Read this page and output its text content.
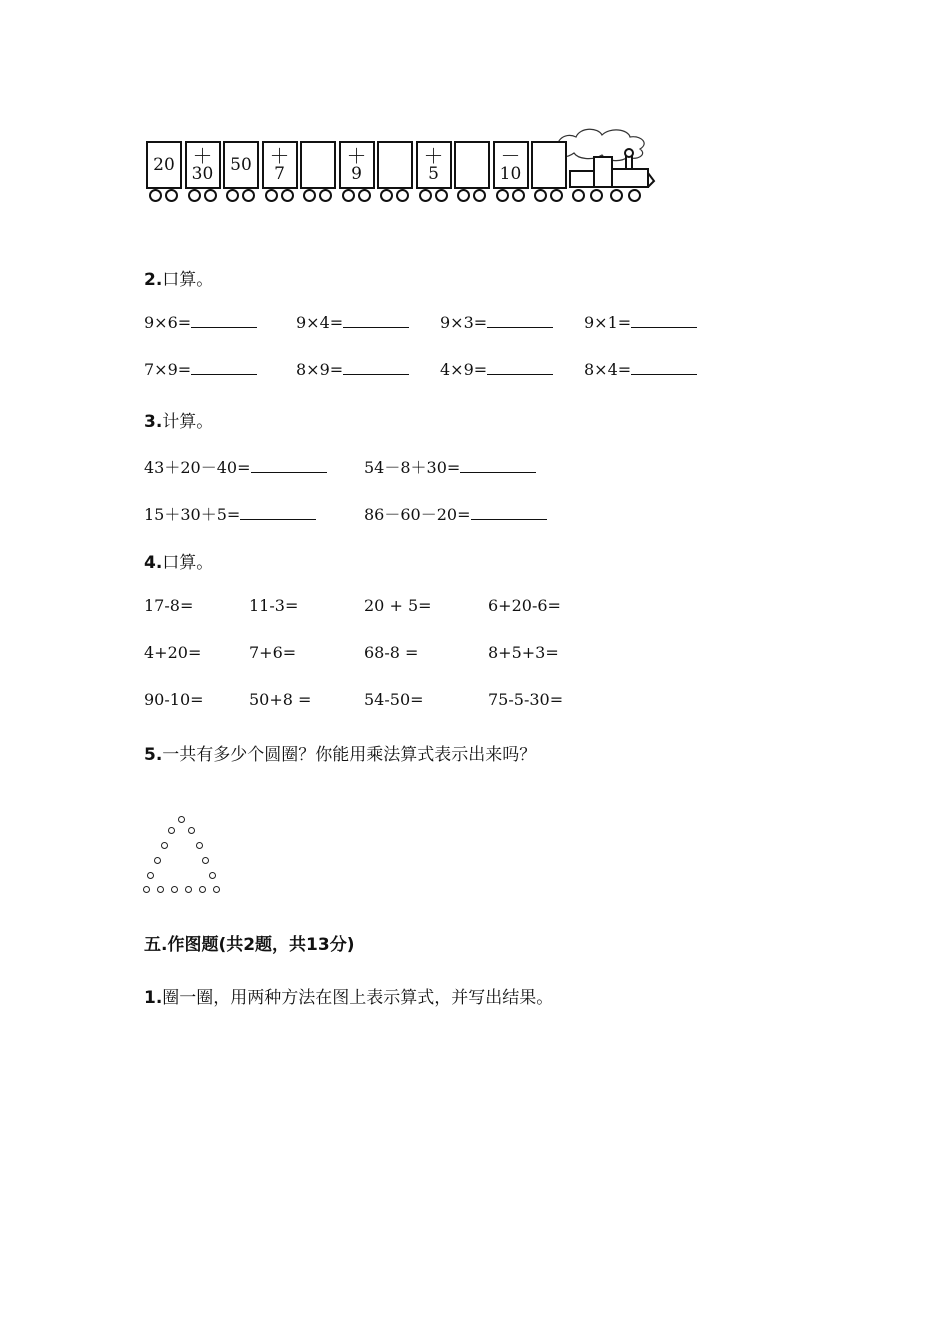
20 ＋
30 50 ＋
7
＋
9
＋
5
－
10
2.口算。
9×6=	9×4=	9×3=	9×1=
7×9=	8×9=	4×9=	8×4=
3.计算。
43＋20－40=	54－8＋30=
15＋30＋5=	86－60－20=
4.口算。
17-8=	11-3=	20 + 5=	6+20-6=
4+20=	7+6=	68-8 =	8+5+3=
90-10=	50+8 =	54-50=	75-5-30=
5.一共有多少个圆圈？你能用乘法算式表示出来吗？
五.作图题(共2题，共13分)
1.圈一圈，用两种方法在图上表示算式，并写出结果。
